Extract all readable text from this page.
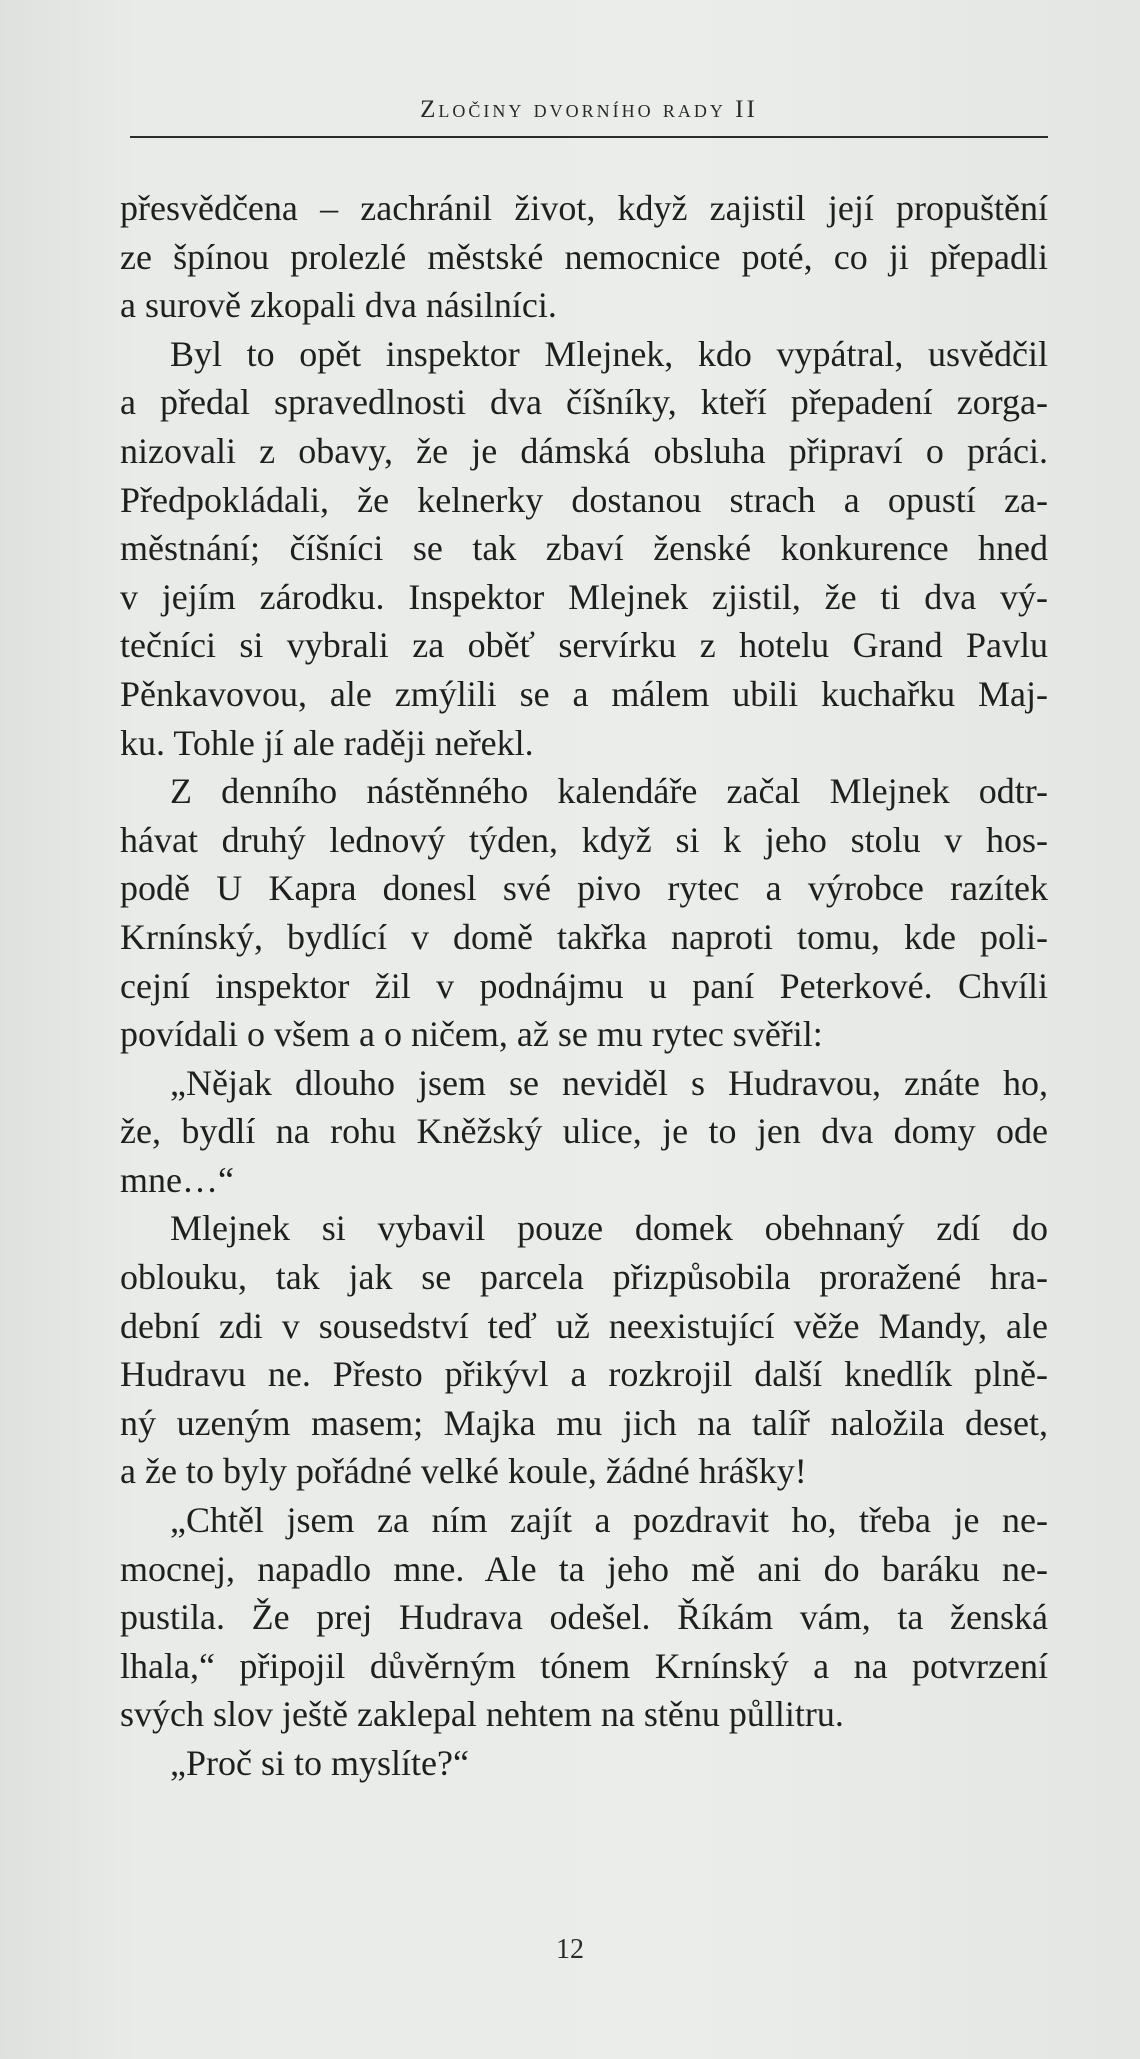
Zločiny dvorního rady II
přesvědčena – zachránil život, když zajistil její propuštění
ze špínou prolezlé městské nemocnice poté, co ji přepadli
a surově zkopali dva násilníci.
Byl to opět inspektor Mlejnek, kdo vypátral, usvědčil
a předal spravedlnosti dva číšníky, kteří přepadení zorga-
nizovali z obavy, že je dámská obsluha připraví o práci.
Předpokládali, že kelnerky dostanou strach a opustí za-
městnání; číšníci se tak zbaví ženské konkurence hned
v jejím zárodku. Inspektor Mlejnek zjistil, že ti dva vý-
tečníci si vybrali za oběť servírku z hotelu Grand Pavlu
Pěnkavovou, ale zmýlili se a málem ubili kuchařku Maj-
ku. Tohle jí ale raději neřekl.
Z denního nástěnného kalendáře začal Mlejnek odtr-
hávat druhý lednový týden, když si k jeho stolu v hos-
podě U Kapra donesl své pivo rytec a výrobce razítek
Krnínský, bydlící v domě takřka naproti tomu, kde poli-
cejní inspektor žil v podnájmu u paní Peterkové. Chvíli
povídali o všem a o ničem, až se mu rytec svěřil:
„Nějak dlouho jsem se neviděl s Hudravou, znáte ho,
že, bydlí na rohu Kněžský ulice, je to jen dva domy ode
mne…“
Mlejnek si vybavil pouze domek obehnaný zdí do
oblouku, tak jak se parcela přizpůsobila proražené hra-
dební zdi v sousedství teď už neexistující věže Mandy, ale
Hudravu ne. Přesto přikývl a rozkrojil další knedlík plně-
ný uzeným masem; Majka mu jich na talíř naložila deset,
a že to byly pořádné velké koule, žádné hrášky!
„Chtěl jsem za ním zajít a pozdravit ho, třeba je ne-
mocnej, napadlo mne. Ale ta jeho mě ani do baráku ne-
pustila. Že prej Hudrava odešel. Říkám vám, ta ženská
lhala,“ připojil důvěrným tónem Krnínský a na potvrzení
svých slov ještě zaklepal nehtem na stěnu půllitru.
„Proč si to myslíte?“
12
